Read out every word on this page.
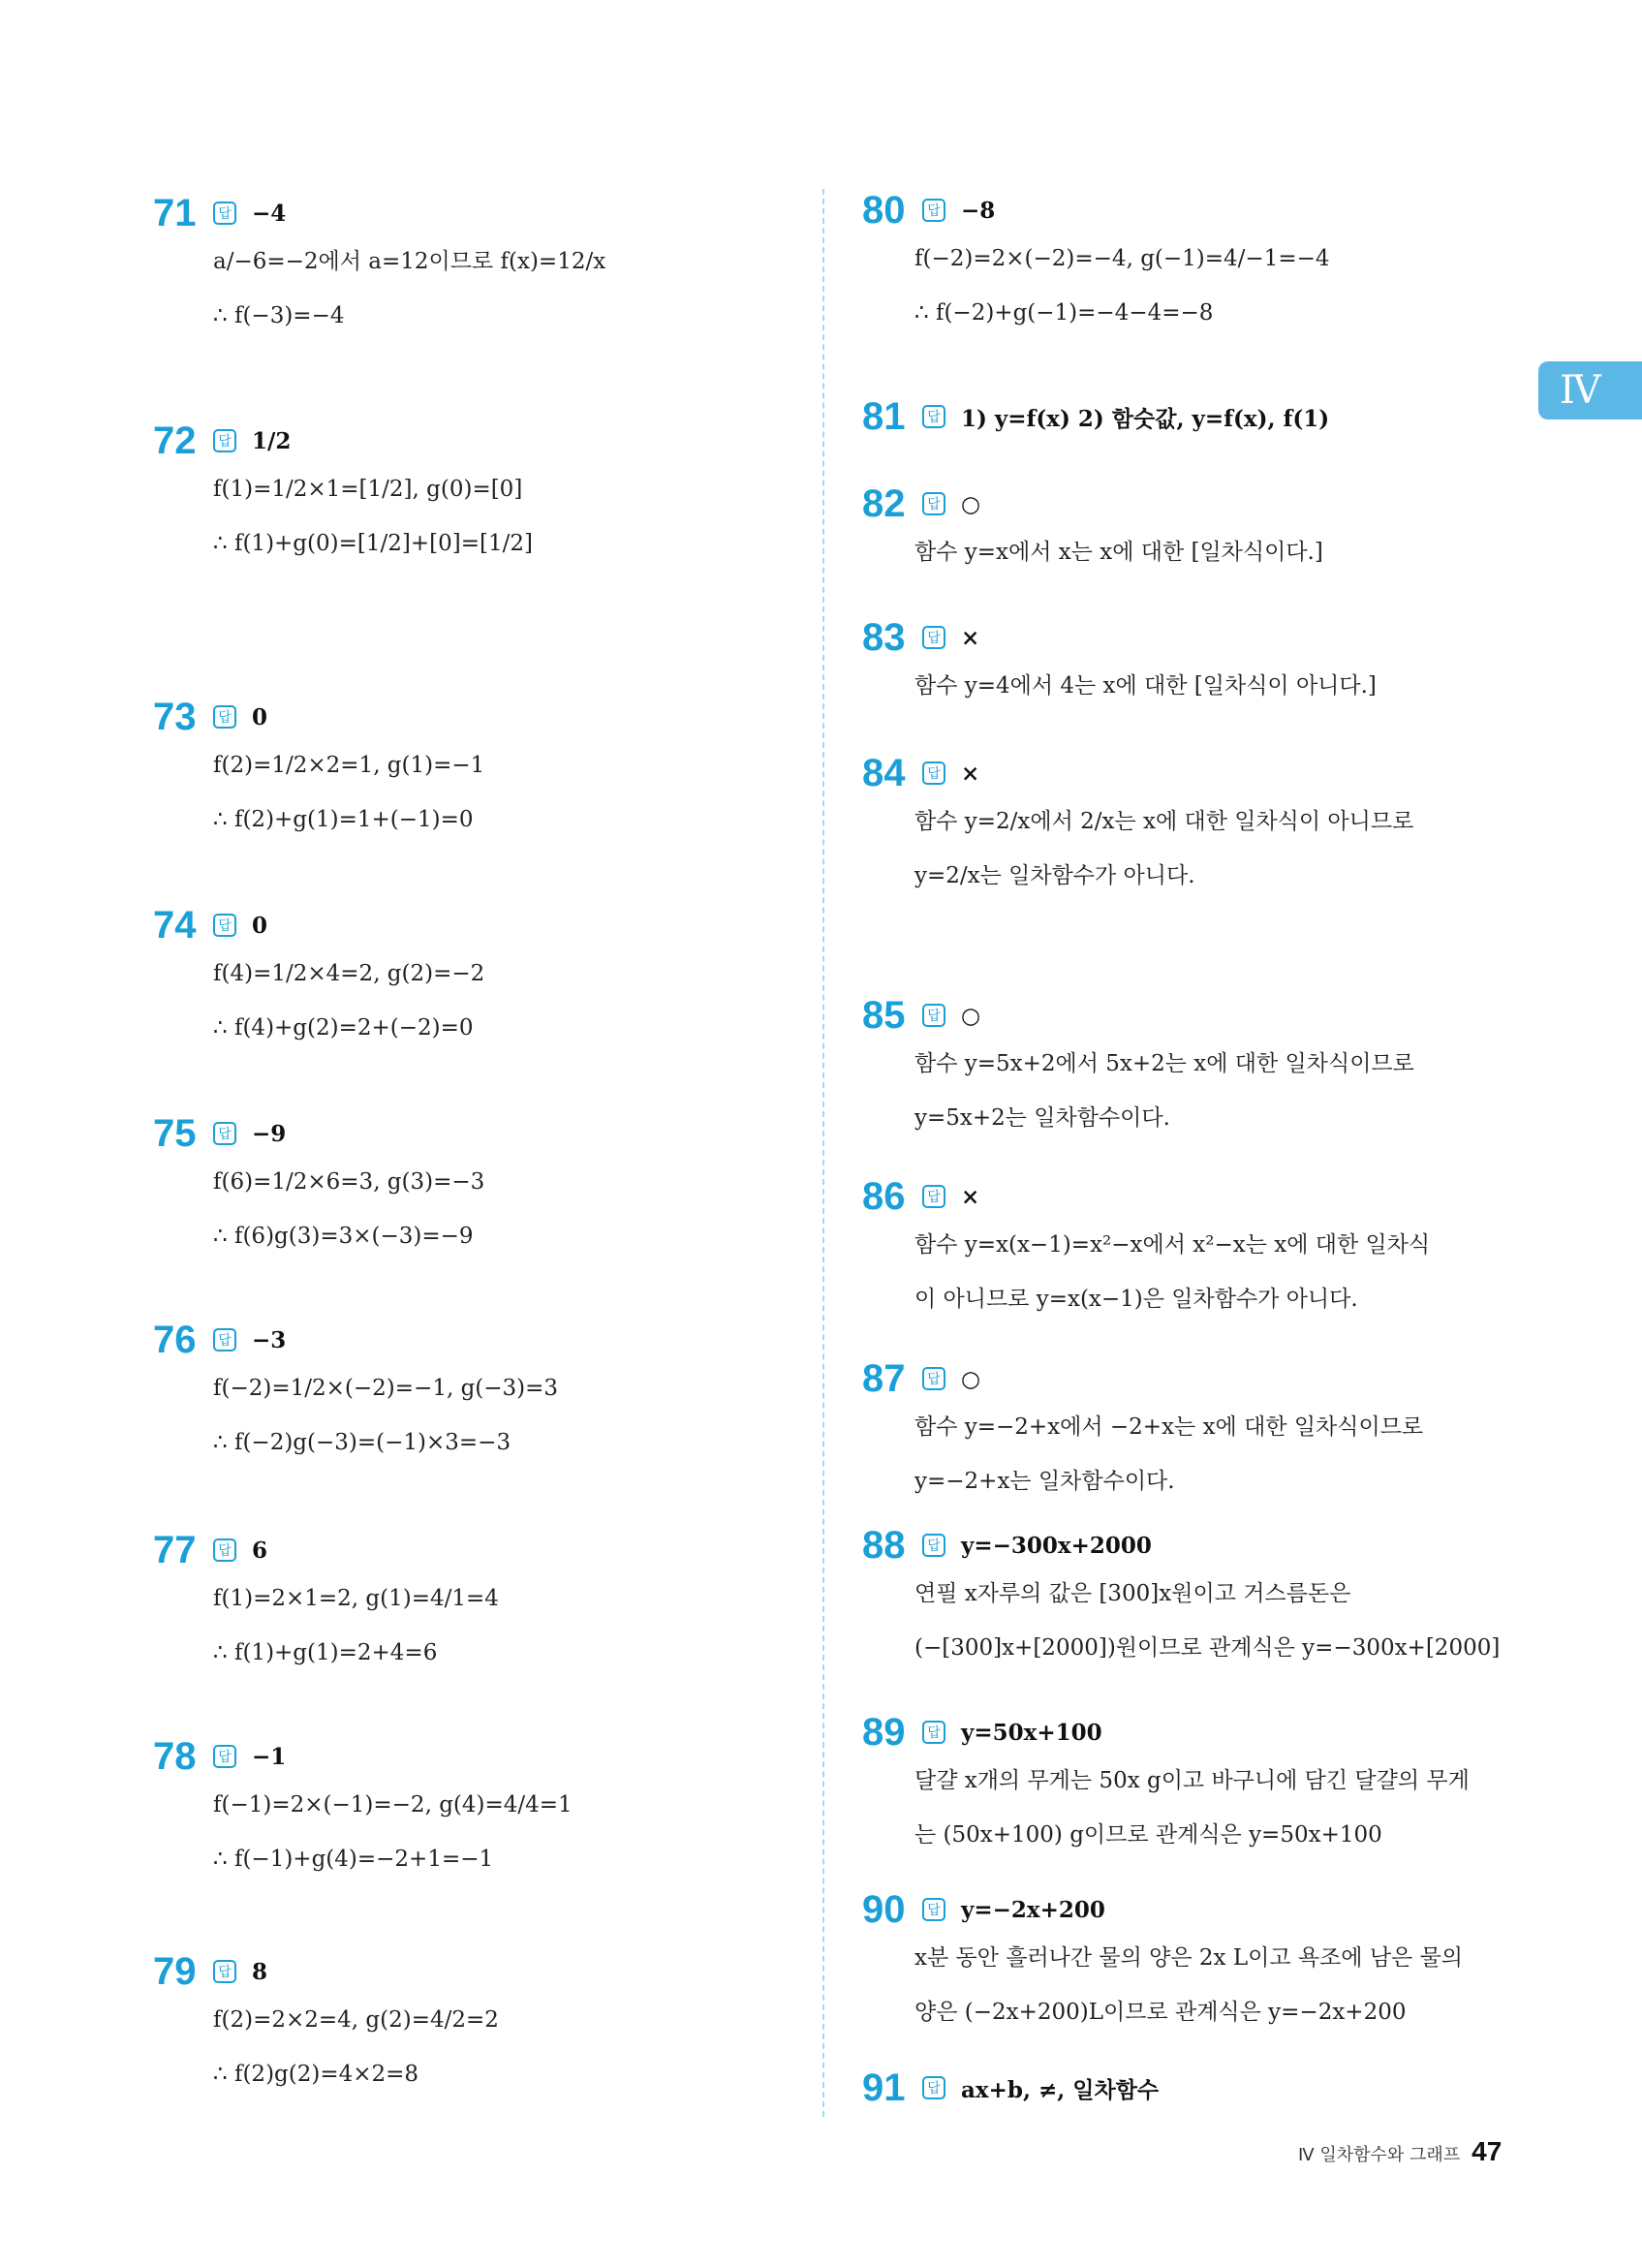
IV
Ⅳ 일차함수와 그래프 47
71	답 −4
a/−6=−2에서 a=12이므로 f(x)=12/x
∴ f(−3)=−4
72	답 1/2
f(1)=1/2×1=[1/2], g(0)=[0]
∴ f(1)+g(0)=[1/2]+[0]=[1/2]
73	답 0
f(2)=1/2×2=1, g(1)=−1
∴ f(2)+g(1)=1+(−1)=0
74	답 0
f(4)=1/2×4=2, g(2)=−2
∴ f(4)+g(2)=2+(−2)=0
75	답 −9
f(6)=1/2×6=3, g(3)=−3
∴ f(6)g(3)=3×(−3)=−9
76	답 −3
f(−2)=1/2×(−2)=−1, g(−3)=3
∴ f(−2)g(−3)=(−1)×3=−3
77	답 6
f(1)=2×1=2, g(1)=4/1=4
∴ f(1)+g(1)=2+4=6
78	답 −1
f(−1)=2×(−1)=−2, g(4)=4/4=1
∴ f(−1)+g(4)=−2+1=−1
79	답 8
f(2)=2×2=4, g(2)=4/2=2
∴ f(2)g(2)=4×2=8
80	답 −8
f(−2)=2×(−2)=−4, g(−1)=4/−1=−4
∴ f(−2)+g(−1)=−4−4=−8
81	답 1) y=f(x) 2) 함숫값, y=f(x), f(1)
82	답 ○
함수 y=x에서 x는 x에 대한 [일차식이다.]
83	답 ×
함수 y=4에서 4는 x에 대한 [일차식이 아니다.]
84	답 ×
함수 y=2/x에서 2/x는 x에 대한 일차식이 아니므로
y=2/x는 일차함수가 아니다.
85	답 ○
함수 y=5x+2에서 5x+2는 x에 대한 일차식이므로
y=5x+2는 일차함수이다.
86	답 ×
함수 y=x(x−1)=x²−x에서 x²−x는 x에 대한 일차식
이 아니므로 y=x(x−1)은 일차함수가 아니다.
87	답 ○
함수 y=−2+x에서 −2+x는 x에 대한 일차식이므로
y=−2+x는 일차함수이다.
88	답 y=−300x+2000
연필 x자루의 값은 [300]x원이고 거스름돈은
(−[300]x+[2000])원이므로 관계식은 y=−300x+[2000]
89	답 y=50x+100
달걀 x개의 무게는 50x g이고 바구니에 담긴 달걀의 무게
는 (50x+100) g이므로 관계식은 y=50x+100
90	답 y=−2x+200
x분 동안 흘러나간 물의 양은 2x L이고 욕조에 남은 물의
양은 (−2x+200)L이므로 관계식은 y=−2x+200
91	답 ax+b, ≠, 일차함수
